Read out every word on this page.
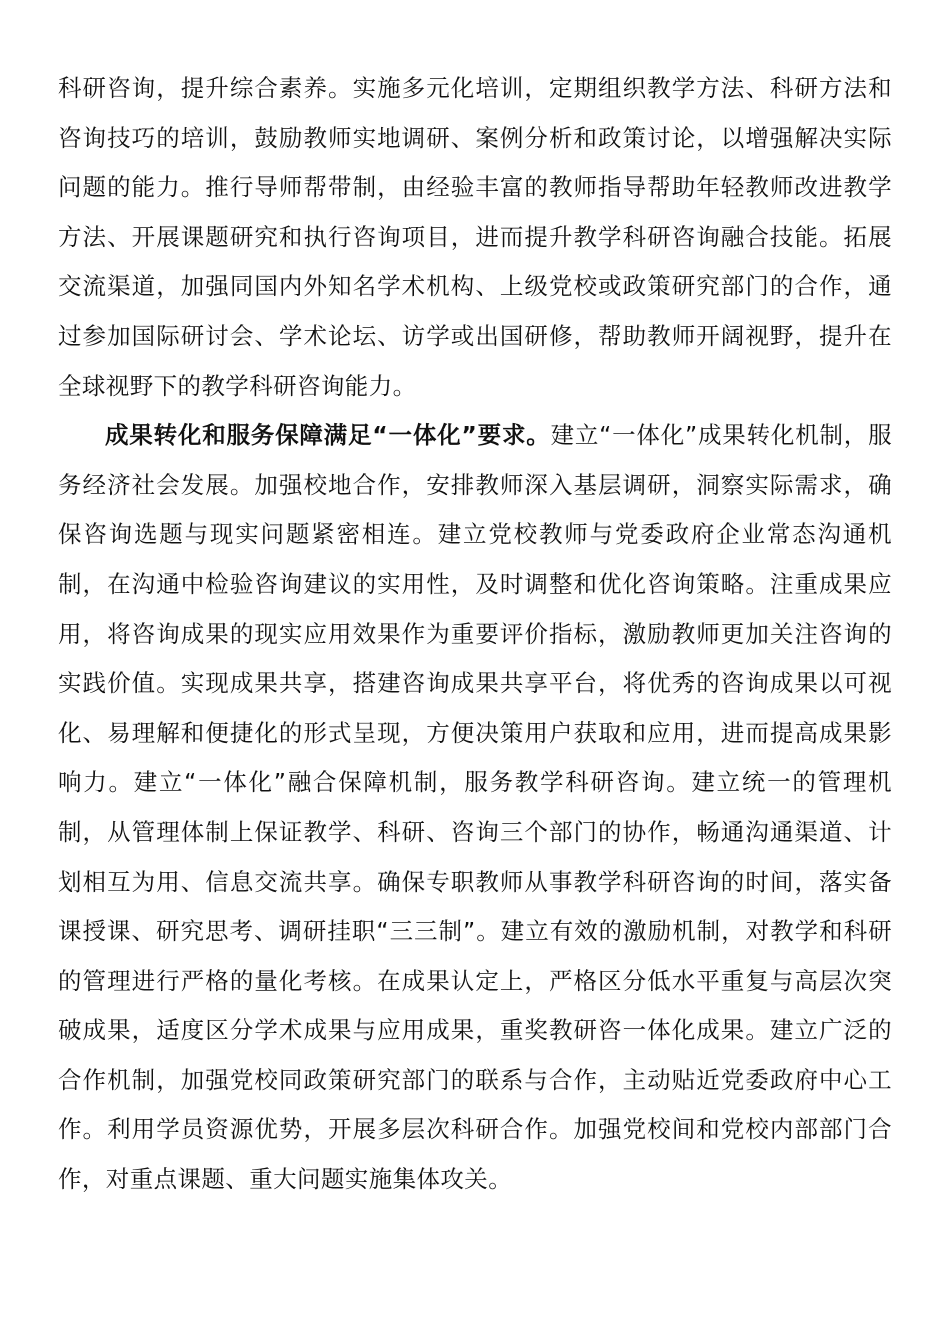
科研咨询，提升综合素养。实施多元化培训，定期组织教学方法、科研方法和咨询技巧的培训，鼓励教师实地调研、案例分析和政策讨论，以增强解决实际问题的能力。推行导师帮带制，由经验丰富的教师指导帮助年轻教师改进教学方法、开展课题研究和执行咨询项目，进而提升教学科研咨询融合技能。拓展交流渠道，加强同国内外知名学术机构、上级党校或政策研究部门的合作，通过参加国际研讨会、学术论坛、访学或出国研修，帮助教师开阔视野，提升在全球视野下的教学科研咨询能力。

成果转化和服务保障满足“一体化”要求。建立“一体化”成果转化机制，服务经济社会发展。加强校地合作，安排教师深入基层调研，洞察实际需求，确保咨询选题与现实问题紧密相连。建立党校教师与党委政府企业常态沟通机制，在沟通中检验咨询建议的实用性，及时调整和优化咨询策略。注重成果应用，将咨询成果的现实应用效果作为重要评价指标，激励教师更加关注咨询的实践价值。实现成果共享，搭建咨询成果共享平台，将优秀的咨询成果以可视化、易理解和便捷化的形式呈现，方便决策用户获取和应用，进而提高成果影响力。建立“一体化”融合保障机制，服务教学科研咨询。建立统一的管理机制，从管理体制上保证教学、科研、咨询三个部门的协作，畅通沟通渠道、计划相互为用、信息交流共享。确保专职教师从事教学科研咨询的时间，落实备课授课、研究思考、调研挂职“三三制”。建立有效的激励机制，对教学和科研的管理进行严格的量化考核。在成果认定上，严格区分低水平重复与高层次突破成果，适度区分学术成果与应用成果，重奖教研咨一体化成果。建立广泛的合作机制，加强党校同政策研究部门的联系与合作，主动贴近党委政府中心工作。利用学员资源优势，开展多层次科研合作。加强党校间和党校内部部门合作，对重点课题、重大问题实施集体攻关。
